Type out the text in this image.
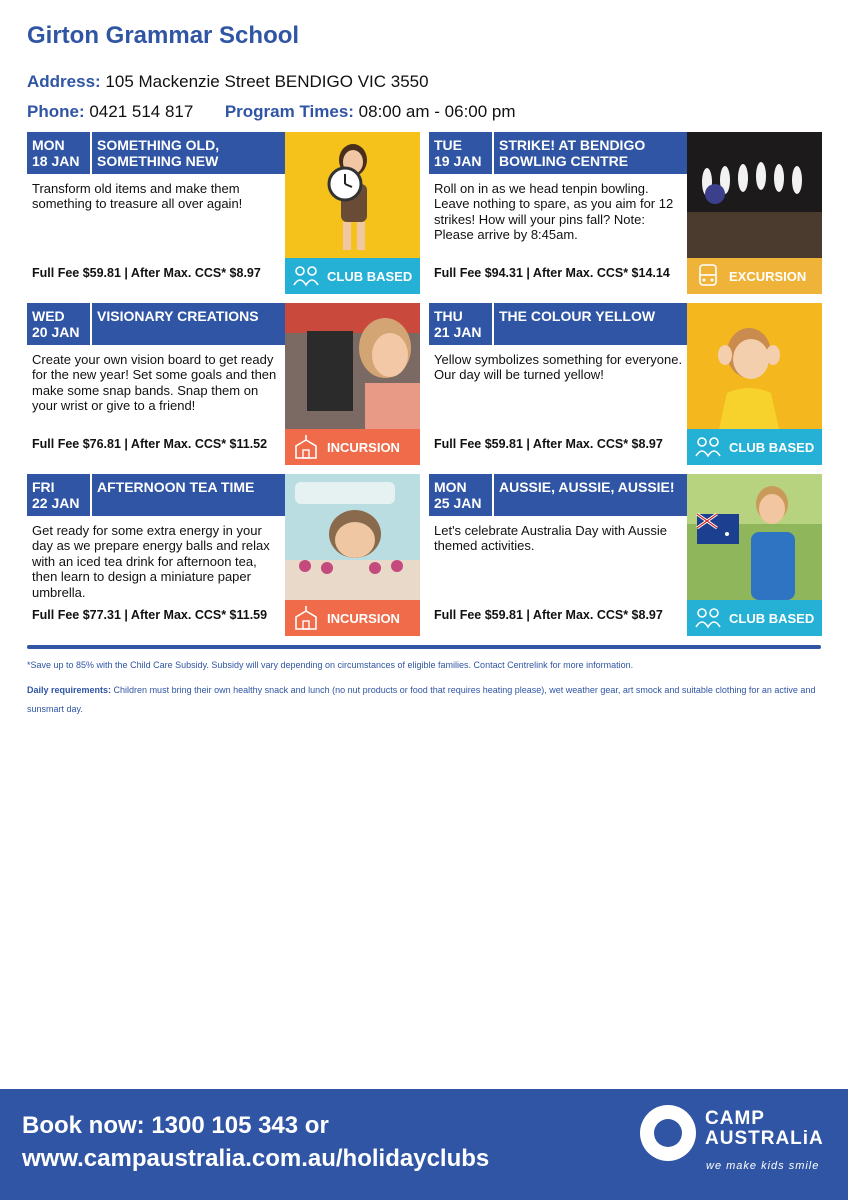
Girton Grammar School
Address: 105 Mackenzie Street BENDIGO VIC 3550
Phone: 0421 514 817 Program Times: 08:00 am - 06:00 pm
MON
18 JAN
SOMETHING OLD, SOMETHING NEW
Transform old items and make them something to treasure all over again!
Full Fee $59.81 | After Max. CCS* $8.97	CLUB BASED
TUE
19 JAN
STRIKE! AT BENDIGO BOWLING CENTRE
Roll on in as we head tenpin bowling. Leave nothing to spare, as you aim for 12 strikes! How will your pins fall? Note: Please arrive by 8:45am.
Full Fee $94.31 | After Max. CCS* $14.14	EXCURSION
WED
20 JAN
VISIONARY CREATIONS
Create your own vision board to get ready for the new year! Set some goals and then make some snap bands. Snap them on your wrist or give to a friend!
Full Fee $76.81 | After Max. CCS* $11.52	INCURSION
THU
21 JAN
THE COLOUR YELLOW
Yellow symbolizes something for everyone. Our day will be turned yellow!
Full Fee $59.81 | After Max. CCS* $8.97	CLUB BASED
FRI
22 JAN
AFTERNOON TEA TIME
Get ready for some extra energy in your day as we prepare energy balls and relax with an iced tea drink for afternoon tea, then learn to design a miniature paper umbrella.
Full Fee $77.31 | After Max. CCS* $11.59	INCURSION
MON
25 JAN
AUSSIE, AUSSIE, AUSSIE!
Let's celebrate Australia Day with Aussie themed activities.
Full Fee $59.81 | After Max. CCS* $8.97	CLUB BASED
*Save up to 85% with the Child Care Subsidy. Subsidy will vary depending on circumstances of eligible families. Contact Centrelink for more information.
Daily requirements: Children must bring their own healthy snack and lunch (no nut products or food that requires heating please), wet weather gear, art smock and suitable clothing for an active and sunsmart day.
Book now: 1300 105 343 or
www.campaustralia.com.au/holidayclubs
CAMP
AUSTRALiA
we make kids smile
